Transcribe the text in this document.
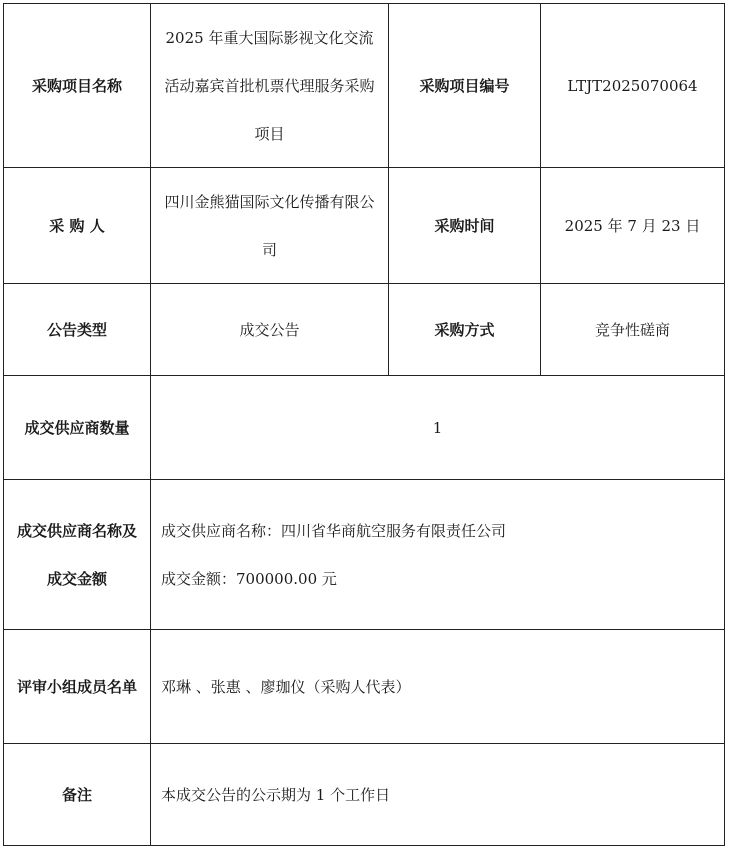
采购项目名称	2025 年重大国际影视文化交流活动嘉宾首批机票代理服务采购项目	采购项目编号	LTJT2025070064
采 购 人	四川金熊猫国际文化传播有限公司	采购时间	2025 年 7 月 23 日
公告类型	成交公告	采购方式	竞争性磋商
成交供应商数量	1		

成交供应商名称及成交金额	成交供应商名称：四川省华商航空服务有限责任公司
成交金额：700000.00 元		

评审小组成员名单	邓琳 、张惠 、廖珈仪（采购人代表）		
备注	本成交公告的公示期为 1 个工作日		
